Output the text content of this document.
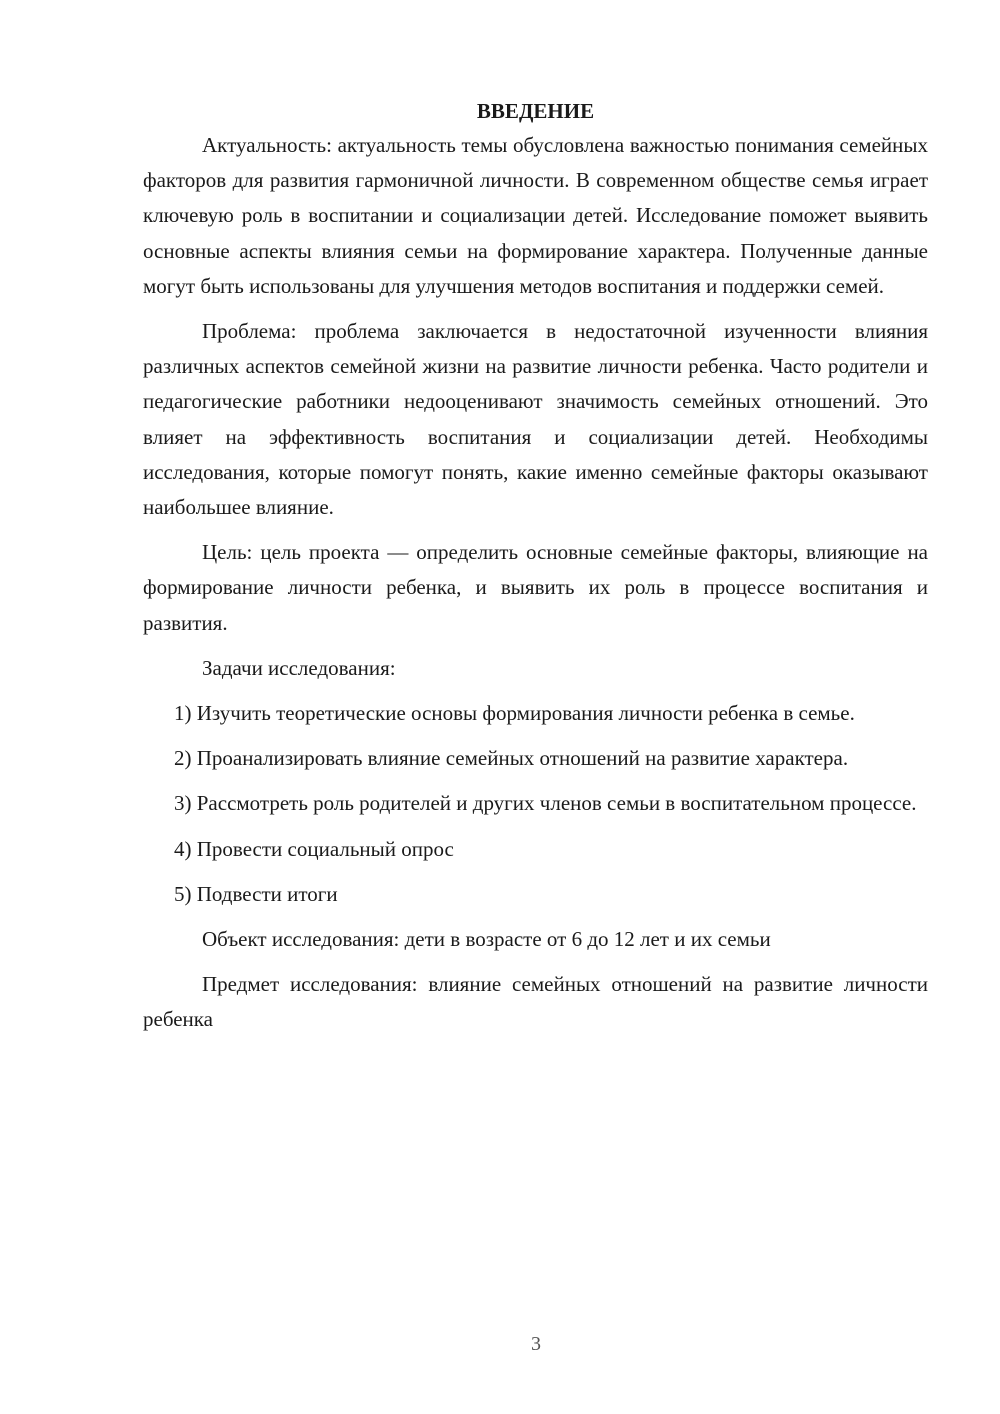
ВВЕДЕНИЕ

Актуальность: актуальность темы обусловлена важностью понимания семейных факторов для развития гармоничной личности. В современном обществе семья играет ключевую роль в воспитании и социализации детей. Исследование поможет выявить основные аспекты влияния семьи на формирование характера. Полученные данные могут быть использованы для улучшения методов воспитания и поддержки семей.

Проблема: проблема заключается в недостаточной изученности влияния различных аспектов семейной жизни на развитие личности ребенка. Часто родители и педагогические работники недооценивают значимость семейных отношений. Это влияет на эффективность воспитания и социализации детей. Необходимы исследования, которые помогут понять, какие именно семейные факторы оказывают наибольшее влияние.

Цель: цель проекта — определить основные семейные факторы, влияющие на формирование личности ребенка, и выявить их роль в процессе воспитания и развития.

Задачи исследования:

1) Изучить теоретические основы формирования личности ребенка в семье.

2) Проанализировать влияние семейных отношений на развитие характера.

3) Рассмотреть роль родителей и других членов семьи в воспитательном процессе.

4) Провести социальный опрос

5) Подвести итоги

Объект исследования: дети в возрасте от 6 до 12 лет и их семьи

Предмет исследования: влияние семейных отношений на развитие личности ребенка

3
